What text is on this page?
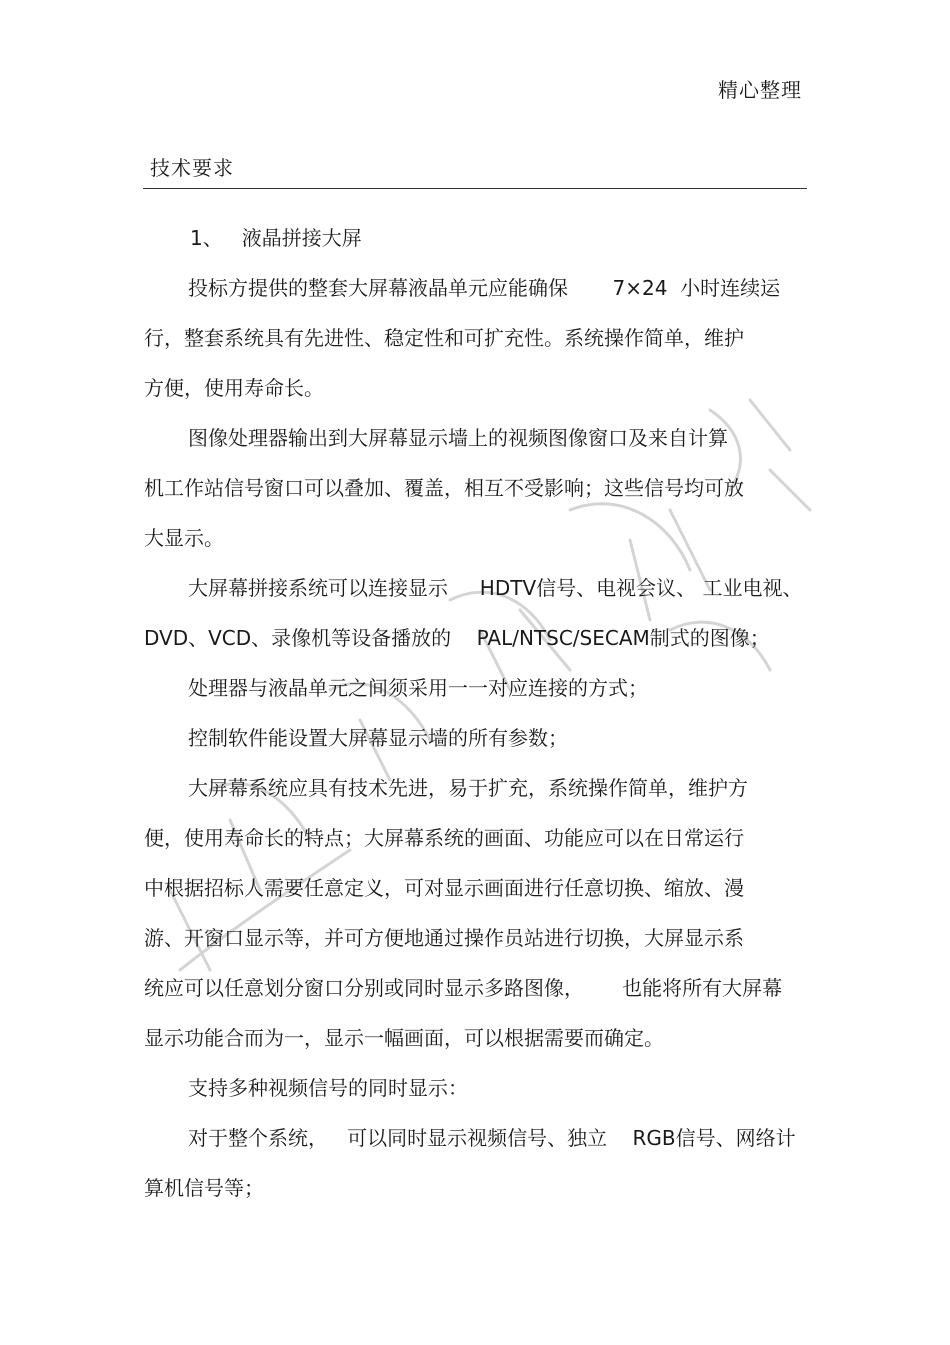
精心整理
技术要求
1、   液晶拼接大屏
投标方提供的整套大屏幕液晶单元应能确保       7×24  小时连续运
行，整套系统具有先进性、稳定性和可扩充性。系统操作简单，维护
方便，使用寿命长。
图像处理器输出到大屏幕显示墙上的视频图像窗口及来自计算
机工作站信号窗口可以叠加、覆盖，相互不受影响；这些信号均可放
大显示。
大屏幕拼接系统可以连接显示     HDTV信号、电视会议、 工业电视、
DVD、VCD、录像机等设备播放的    PAL/NTSC/SECAM制式的图像；
处理器与液晶单元之间须采用一一对应连接的方式；
控制软件能设置大屏幕显示墙的所有参数；
大屏幕系统应具有技术先进，易于扩充，系统操作简单，维护方
便，使用寿命长的特点；大屏幕系统的画面、功能应可以在日常运行
中根据招标人需要任意定义，可对显示画面进行任意切换、缩放、漫
游、开窗口显示等，并可方便地通过操作员站进行切换，大屏显示系
统应可以任意划分窗口分别或同时显示多路图像，      也能将所有大屏幕
显示功能合而为一，显示一幅画面，可以根据需要而确定。
支持多种视频信号的同时显示：
对于整个系统，   可以同时显示视频信号、独立    RGB信号、网络计
算机信号等；
